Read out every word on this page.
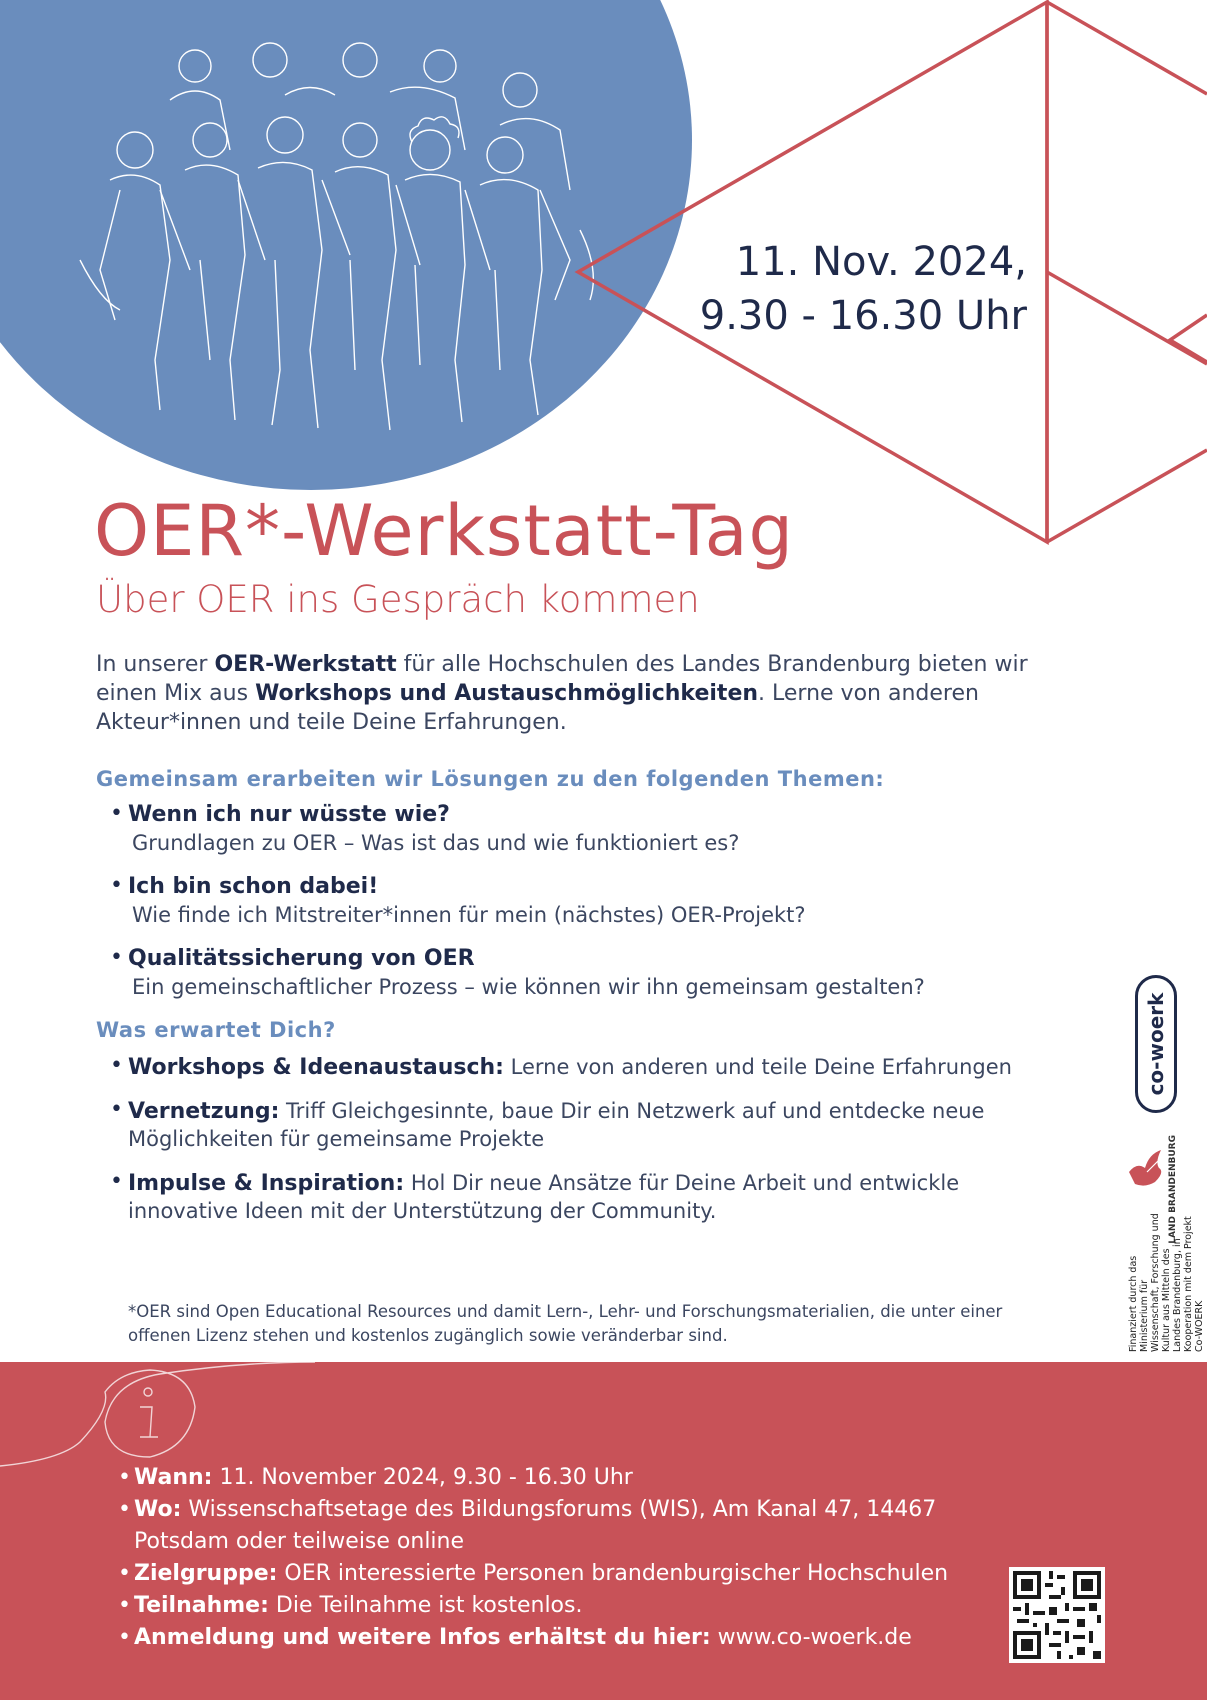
11. Nov. 2024,
9.30 - 16.30 Uhr
OER*-Werkstatt-Tag
Über OER ins Gespräch kommen
In unserer OER-Werkstatt für alle Hochschulen des Landes Brandenburg bieten wir einen Mix aus Workshops und Austauschmöglichkeiten. Lerne von anderen Akteur*innen und teile Deine Erfahrungen.
Gemeinsam erarbeiten wir Lösungen zu den folgenden Themen:
• Wenn ich nur wüsste wie?
Grundlagen zu OER – Was ist das und wie funktioniert es?
• Ich bin schon dabei!
Wie finde ich Mitstreiter*innen für mein (nächstes) OER-Projekt?
• Qualitätssicherung von OER
Ein gemeinschaftlicher Prozess – wie können wir ihn gemeinsam gestalten?
Was erwartet Dich?
• Workshops & Ideenaustausch: Lerne von anderen und teile Deine Erfahrungen
• Vernetzung: Triff Gleichgesinnte, baue Dir ein Netzwerk auf und entdecke neue Möglichkeiten für gemeinsame Projekte
• Impulse & Inspiration: Hol Dir neue Ansätze für Deine Arbeit und entwickle innovative Ideen mit der Unterstützung der Community.
*OER sind Open Educational Resources und damit Lern-, Lehr- und Forschungsmaterialien, die unter einer offenen Lizenz stehen und kostenlos zugänglich sowie veränderbar sind.
co-woerk
LAND BRANDENBURG
Finanziert durch das Ministerium für Wissenschaft, Forschung und Kultur aus Mitteln des Landes Brandenburg, in Kooperation mit dem Projekt Co-WOERK
• Wann: 11. November 2024, 9.30 - 16.30 Uhr
• Wo: Wissenschaftsetage des Bildungsforums (WIS), Am Kanal 47, 14467 Potsdam oder teilweise online
• Zielgruppe: OER interessierte Personen brandenburgischer Hochschulen
• Teilnahme: Die Teilnahme ist kostenlos.
• Anmeldung und weitere Infos erhältst du hier: www.co-woerk.de
